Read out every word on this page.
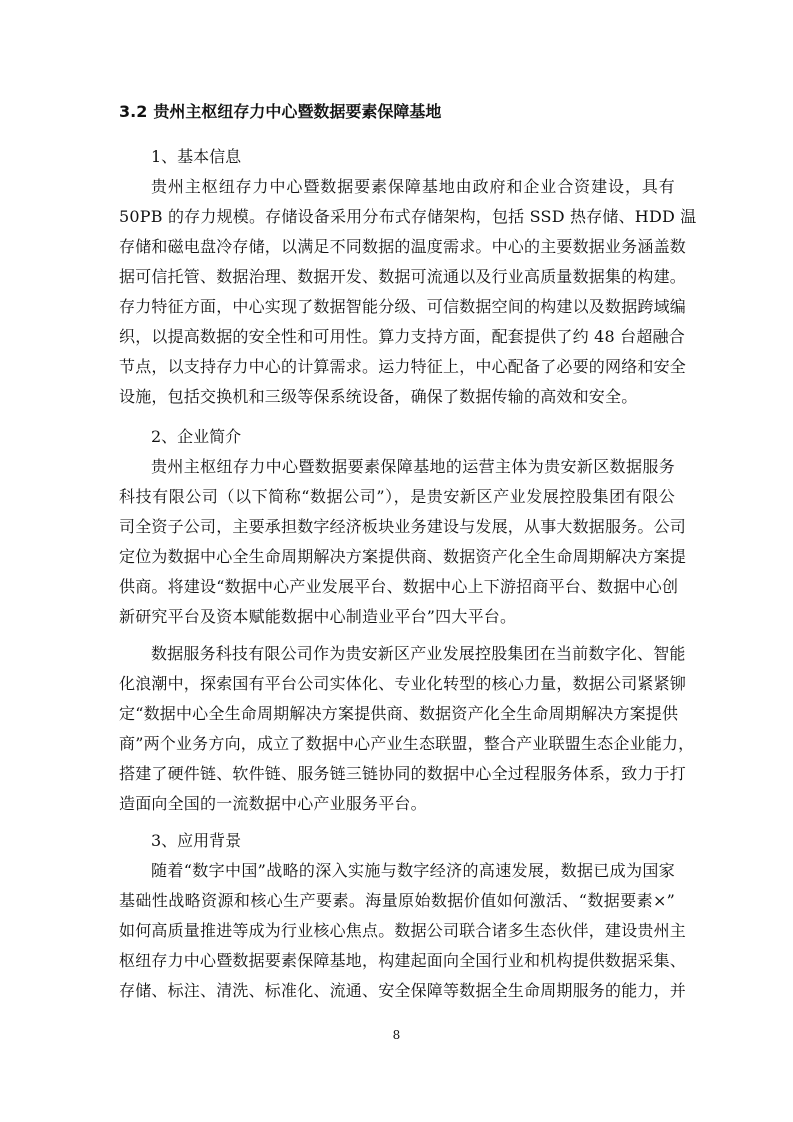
3.2 贵州主枢纽存力中心暨数据要素保障基地
1、基本信息
贵州主枢纽存力中心暨数据要素保障基地由政府和企业合资建设，具有
50PB 的存力规模。存储设备采用分布式存储架构，包括 SSD 热存储、HDD 温
存储和磁电盘冷存储，以满足不同数据的温度需求。中心的主要数据业务涵盖数
据可信托管、数据治理、数据开发、数据可流通以及行业高质量数据集的构建。
存力特征方面，中心实现了数据智能分级、可信数据空间的构建以及数据跨域编
织，以提高数据的安全性和可用性。算力支持方面，配套提供了约 48 台超融合
节点，以支持存力中心的计算需求。运力特征上，中心配备了必要的网络和安全
设施，包括交换机和三级等保系统设备，确保了数据传输的高效和安全。
2、企业简介
贵州主枢纽存力中心暨数据要素保障基地的运营主体为贵安新区数据服务
科技有限公司（以下简称“数据公司”），是贵安新区产业发展控股集团有限公
司全资子公司，主要承担数字经济板块业务建设与发展，从事大数据服务。公司
定位为数据中心全生命周期解决方案提供商、数据资产化全生命周期解决方案提
供商。将建设“数据中心产业发展平台、数据中心上下游招商平台、数据中心创
新研究平台及资本赋能数据中心制造业平台”四大平台。
数据服务科技有限公司作为贵安新区产业发展控股集团在当前数字化、智能
化浪潮中，探索国有平台公司实体化、专业化转型的核心力量，数据公司紧紧铆
定“数据中心全生命周期解决方案提供商、数据资产化全生命周期解决方案提供
商”两个业务方向，成立了数据中心产业生态联盟，整合产业联盟生态企业能力，
搭建了硬件链、软件链、服务链三链协同的数据中心全过程服务体系，致力于打
造面向全国的一流数据中心产业服务平台。
3、应用背景
随着“数字中国”战略的深入实施与数字经济的高速发展，数据已成为国家
基础性战略资源和核心生产要素。海量原始数据价值如何激活、“数据要素×”
如何高质量推进等成为行业核心焦点。数据公司联合诸多生态伙伴，建设贵州主
枢纽存力中心暨数据要素保障基地，构建起面向全国行业和机构提供数据采集、
存储、标注、清洗、标准化、流通、安全保障等数据全生命周期服务的能力，并
8
